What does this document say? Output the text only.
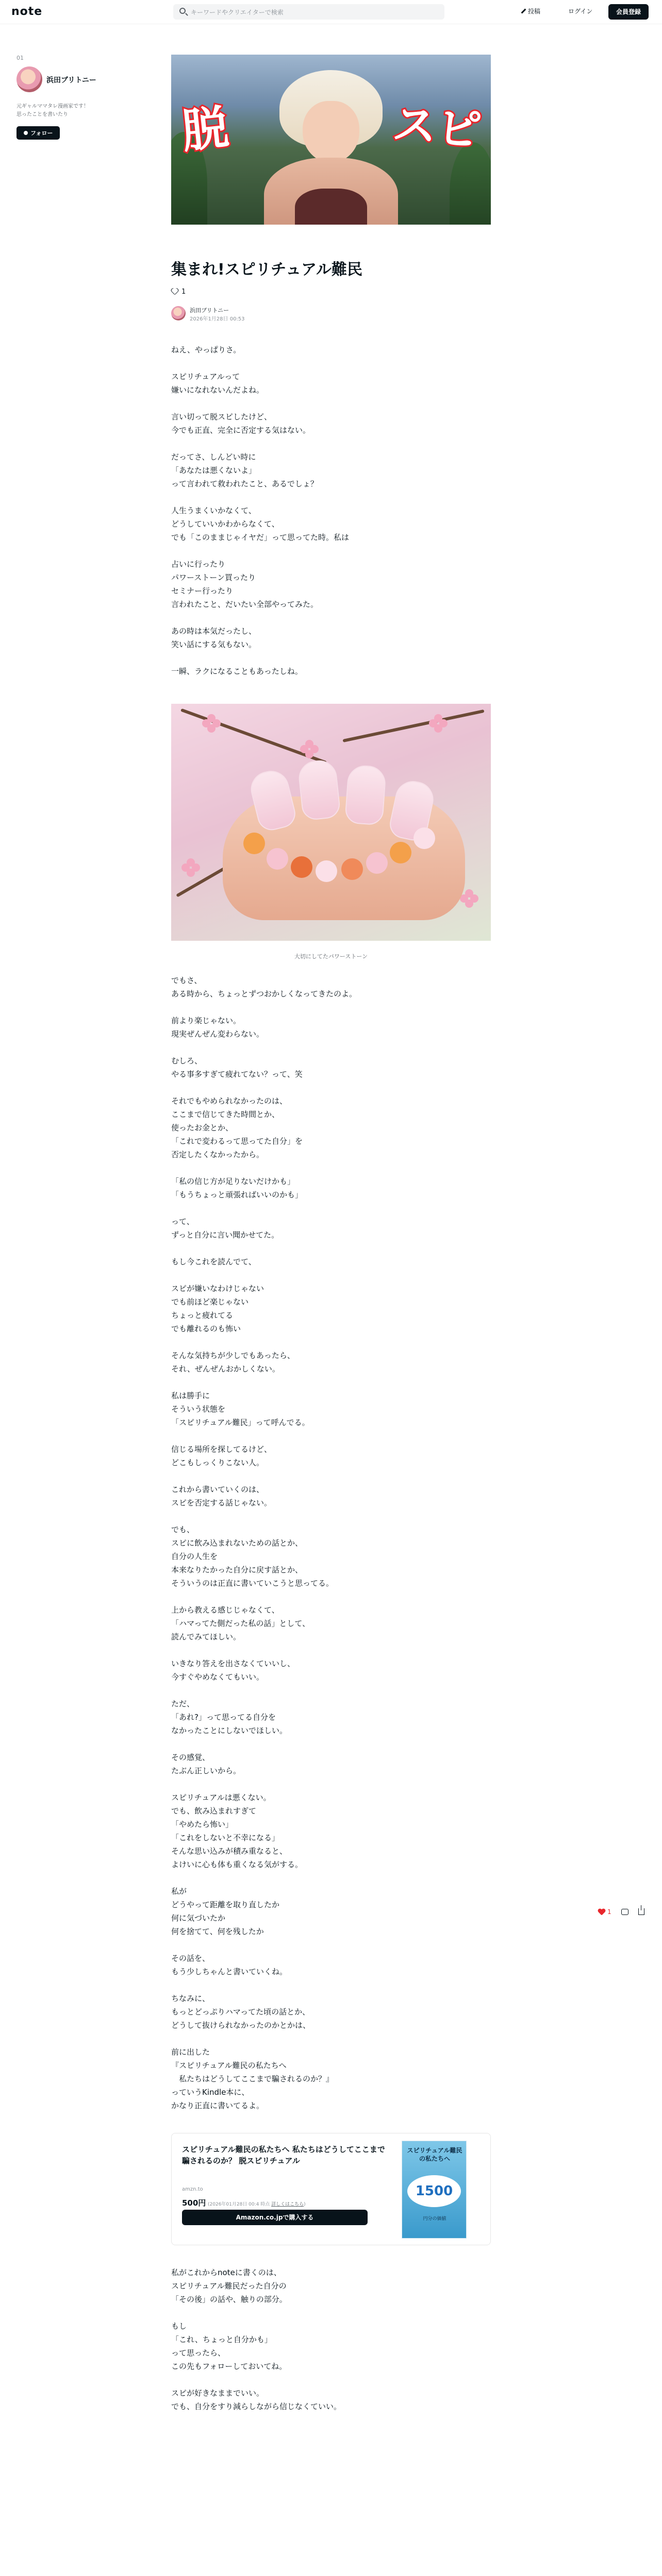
note
キーワードやクリエイターで検索	投稿	ログイン	会員登録
01
浜田ブリトニー
元ギャルママタレ漫画家です！
思ったことを書いたり
フォロー	脱	スピ
集まれ!スピリチュアル難民
1
浜田ブリトニー
2026年1月28日 00:53
ねえ、やっぱりさ。
スピリチュアルって
嫌いになれないんだよね。
言い切って脱スピしたけど、
今でも正直、完全に否定する気はない。
だってさ、しんどい時に
「あなたは悪くないよ」
って言われて救われたこと、あるでしょ？
人生うまくいかなくて、
どうしていいかわからなくて、
でも「このままじゃイヤだ」って思ってた時。私は
占いに行ったり
パワーストーン買ったり
セミナー行ったり
言われたこと、だいたい全部やってみた。
あの時は本気だったし、
笑い話にする気もない。
一瞬、ラクになることもあったしね。
大切にしてたパワーストーン
でもさ、
ある時から、ちょっとずつおかしくなってきたのよ。
前より楽じゃない。
現実ぜんぜん変わらない。
むしろ、
やる事多すぎて疲れてない？って、笑
それでもやめられなかったのは、
ここまで信じてきた時間とか、
使ったお金とか、
「これで変わるって思ってた自分」を
否定したくなかったから。
「私の信じ方が足りないだけかも」
「もうちょっと頑張ればいいのかも」
って、
ずっと自分に言い聞かせてた。
もし今これを読んでて、
スピが嫌いなわけじゃない
でも前ほど楽じゃない
ちょっと疲れてる
でも離れるのも怖い
そんな気持ちが少しでもあったら、
それ、ぜんぜんおかしくない。
私は勝手に
そういう状態を
「スピリチュアル難民」って呼んでる。
信じる場所を探してるけど、
どこもしっくりこない人。
これから書いていくのは、
スピを否定する話じゃない。
でも、
スピに飲み込まれないための話とか、
自分の人生を
本来なりたかった自分に戻す話とか、
そういうのは正直に書いていこうと思ってる。
上から教える感じじゃなくて、
「ハマってた側だった私の話」として、
読んでみてほしい。
いきなり答えを出さなくていいし、
今すぐやめなくてもいい。
ただ、
「あれ?」って思ってる自分を
なかったことにしないでほしい。
その感覚、
たぶん正しいから。
スピリチュアルは悪くない。
でも、飲み込まれすぎて
「やめたら怖い」
「これをしないと不幸になる」
そんな思い込みが積み重なると、
よけいに心も体も重くなる気がする。
私が
どうやって距離を取り直したか
何に気づいたか
何を捨てて、何を残したか
その話を、
もう少しちゃんと書いていくね。
ちなみに、
もっとどっぷりハマってた頃の話とか、
どうして抜けられなかったのかとかは、
前に出した
『スピリチュアル難民の私たちへ
　私たちはどうしてここまで騙されるのか？』
っていうKindle本に、
かなり正直に書いてるよ。
スピリチュアル難民の私たちへ 私たちはどうしてここまで騙されるのか？ 脱スピリチュアル
amzn.to
500円 (2026年01月28日 00:4 時点 詳しくはこちら)
Amazon.co.jpで購入する
スピリチュアル難民の私たちへ
1500
円分の価値
私がこれからnoteに書くのは、
スピリチュアル難民だった自分の
「その後」の話や、触りの部分。
もし
「これ、ちょっと自分かも」
って思ったら、
この先もフォローしておいてね。
スピが好きなままでいい。
でも、自分をすり減らしながら信じなくていい。
1
